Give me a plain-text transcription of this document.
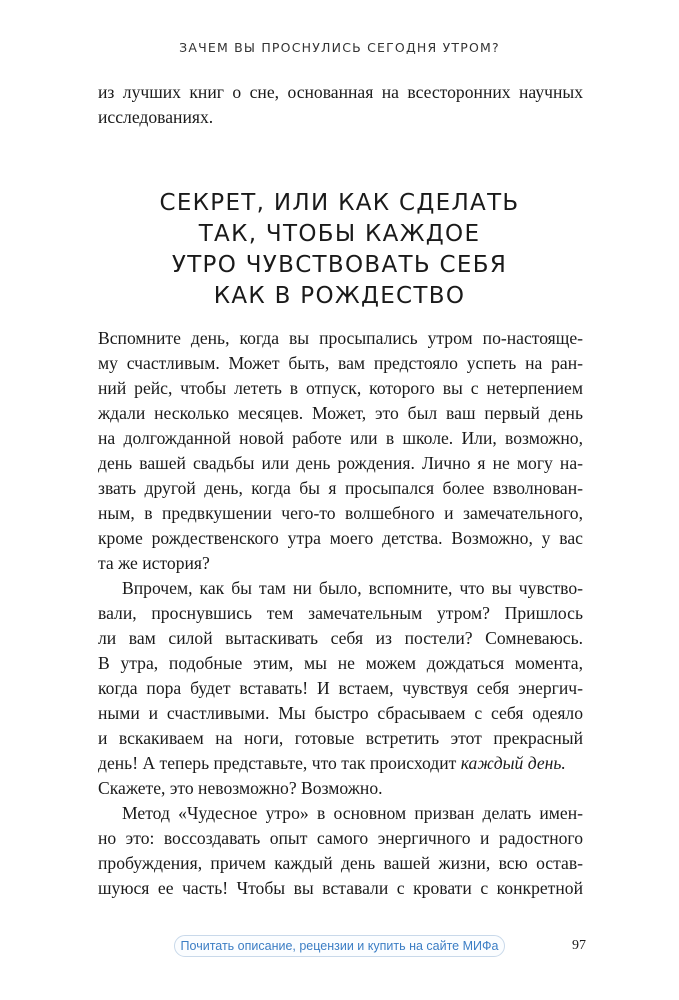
ЗАЧЕМ ВЫ ПРОСНУЛИСЬ СЕГОДНЯ УТРОМ?
из лучших книг о сне, основанная на всесторонних научных
исследованиях.
СЕКРЕТ, ИЛИ КАК СДЕЛАТЬ
ТАК, ЧТОБЫ КАЖДОЕ
УТРО ЧУВСТВОВАТЬ СЕБЯ
КАК В РОЖДЕСТВО
Вспомните день, когда вы просыпались утром по-настояще-
му счастливым. Может быть, вам предстояло успеть на ран-
ний рейс, чтобы лететь в отпуск, которого вы с нетерпением
ждали несколько месяцев. Может, это был ваш первый день
на долгожданной новой работе или в школе. Или, возможно,
день вашей свадьбы или день рождения. Лично я не могу на-
звать другой день, когда бы я просыпался более взволнован-
ным, в предвкушении чего-то волшебного и замечательного,
кроме рождественского утра моего детства. Возможно, у вас
та же история?
Впрочем, как бы там ни было, вспомните, что вы чувство-
вали, проснувшись тем замечательным утром? Пришлось
ли вам силой вытаскивать себя из постели? Сомневаюсь.
В утра, подобные этим, мы не можем дождаться момента,
когда пора будет вставать! И встаем, чувствуя себя энергич-
ными и счастливыми. Мы быстро сбрасываем с себя одеяло
и вскакиваем на ноги, готовые встретить этот прекрасный
день! А теперь представьте, что так происходит каждый день.
Скажете, это невозможно? Возможно.
Метод «Чудесное утро» в основном призван делать имен-
но это: воссоздавать опыт самого энергичного и радостного
пробуждения, причем каждый день вашей жизни, всю остав-
шуюся ее часть! Чтобы вы вставали с кровати с конкретной
Почитать описание, рецензии и купить на сайте МИФа	97
